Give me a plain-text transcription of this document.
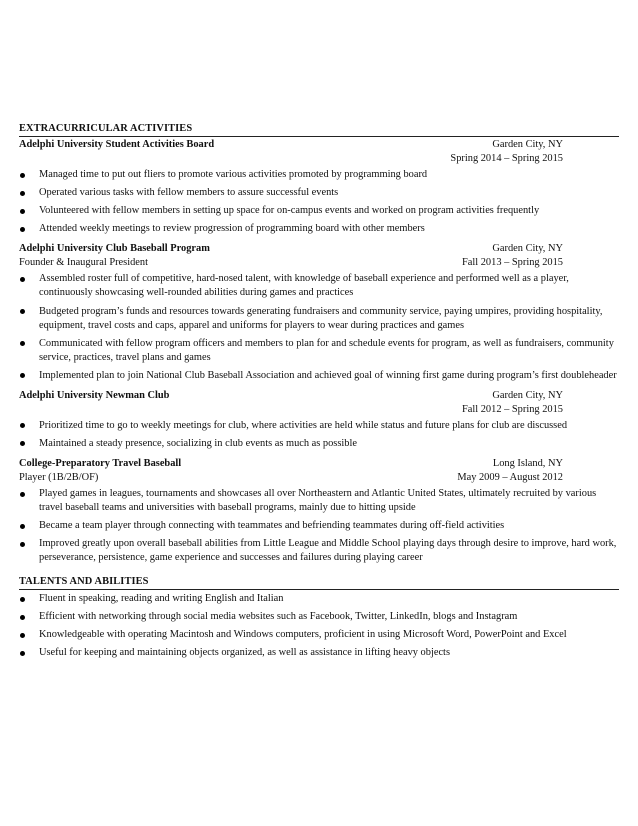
EXTRACURRICULAR ACTIVITIES
Adelphi University Student Activities Board	Garden City, NY
Spring 2014 – Spring 2015
Managed time to put out fliers to promote various activities promoted by programming board
Operated various tasks with fellow members to assure successful events
Volunteered with fellow members in setting up space for on-campus events and worked on program activities frequently
Attended weekly meetings to review progression of programming board with other members
Adelphi University Club Baseball Program	Garden City, NY
Founder & Inaugural President	Fall 2013 – Spring 2015
Assembled roster full of competitive, hard-nosed talent, with knowledge of baseball experience and performed well as a player, continuously showcasing well-rounded abilities during games and practices
Budgeted program’s funds and resources towards generating fundraisers and community service, paying umpires, providing hospitality, equipment, travel costs and caps, apparel and uniforms for players to wear during practices and games
Communicated with fellow program officers and members to plan for and schedule events for program, as well as fundraisers, community service, practices, travel plans and games
Implemented plan to join National Club Baseball Association and achieved goal of winning first game during program’s first doubleheader
Adelphi University Newman Club	Garden City, NY
Fall 2012 – Spring 2015
Prioritized time to go to weekly meetings for club, where activities are held while status and future plans for club are discussed
Maintained a steady presence, socializing in club events as much as possible
College-Preparatory Travel Baseball	Long Island, NY
Player (1B/2B/OF)	May 2009 – August 2012
Played games in leagues, tournaments and showcases all over Northeastern and Atlantic United States, ultimately recruited by various travel baseball teams and universities with baseball programs, mainly due to hitting upside
Became a team player through connecting with teammates and befriending teammates during off-field activities
Improved greatly upon overall baseball abilities from Little League and Middle School playing days through desire to improve, hard work, perseverance, persistence, game experience and successes and failures during playing career
TALENTS AND ABILITIES
Fluent in speaking, reading and writing English and Italian
Efficient with networking through social media websites such as Facebook, Twitter, LinkedIn, blogs and Instagram
Knowledgeable with operating Macintosh and Windows computers, proficient in using Microsoft Word, PowerPoint and Excel
Useful for keeping and maintaining objects organized, as well as assistance in lifting heavy objects
